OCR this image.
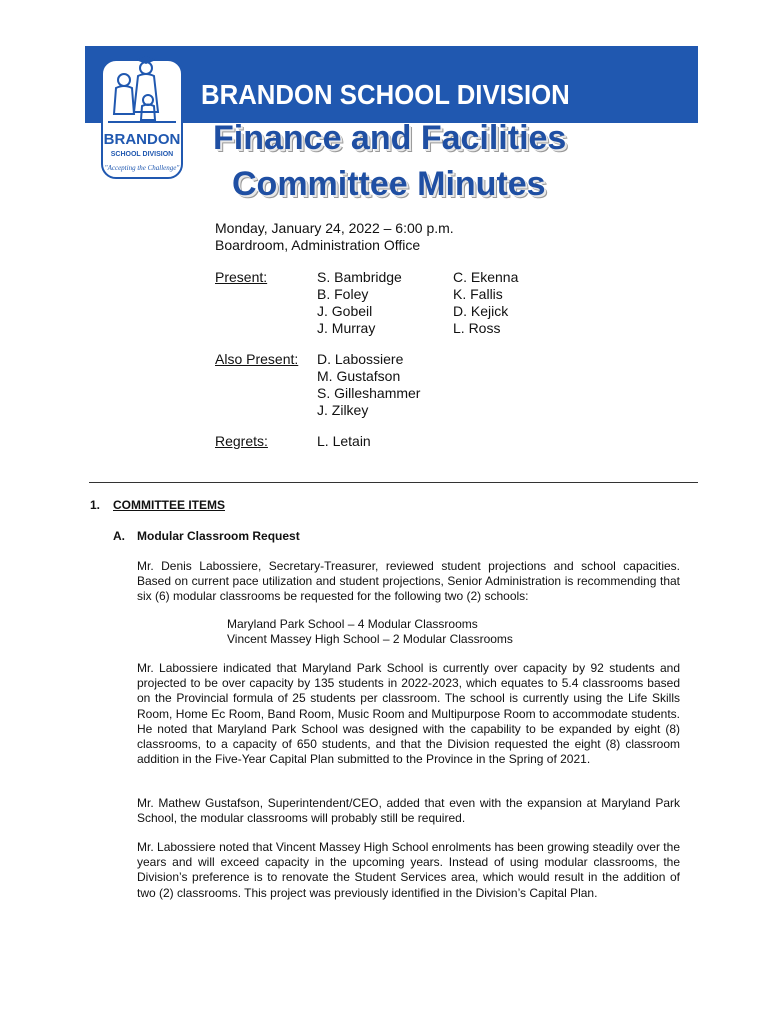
BRANDON SCHOOL DIVISION
BRANDON
SCHOOL DIVISION
"Accepting the Challenge"
Finance and Facilities
Committee Minutes
Monday, January 24, 2022 – 6:00 p.m.
Boardroom, Administration Office
Present:	S. Bambridge
B. Foley
J. Gobeil
J. Murray
C. Ekenna
K. Fallis
D. Kejick
L. Ross
Also Present: D. Labossiere
M. Gustafson
S. Gilleshammer
J. Zilkey
Regrets:	L. Letain
1. COMMITTEE ITEMS
A. Modular Classroom Request
Mr. Denis Labossiere, Secretary-Treasurer, reviewed student projections and school capacities. Based on current pace utilization and student projections, Senior Administration is recommending that six (6) modular classrooms be requested for the following two (2) schools:
Maryland Park School – 4 Modular Classrooms
Vincent Massey High School – 2 Modular Classrooms
Mr. Labossiere indicated that Maryland Park School is currently over capacity by 92 students and projected to be over capacity by 135 students in 2022-2023, which equates to 5.4 classrooms based on the Provincial formula of 25 students per classroom. The school is currently using the Life Skills Room, Home Ec Room, Band Room, Music Room and Multipurpose Room to accommodate students. He noted that Maryland Park School was designed with the capability to be expanded by eight (8) classrooms, to a capacity of 650 students, and that the Division requested the eight (8) classroom addition in the Five-Year Capital Plan submitted to the Province in the Spring of 2021.
Mr. Mathew Gustafson, Superintendent/CEO, added that even with the expansion at Maryland Park School, the modular classrooms will probably still be required.
Mr. Labossiere noted that Vincent Massey High School enrolments has been growing steadily over the years and will exceed capacity in the upcoming years. Instead of using modular classrooms, the Division’s preference is to renovate the Student Services area, which would result in the addition of two (2) classrooms. This project was previously identified in the Division’s Capital Plan.
